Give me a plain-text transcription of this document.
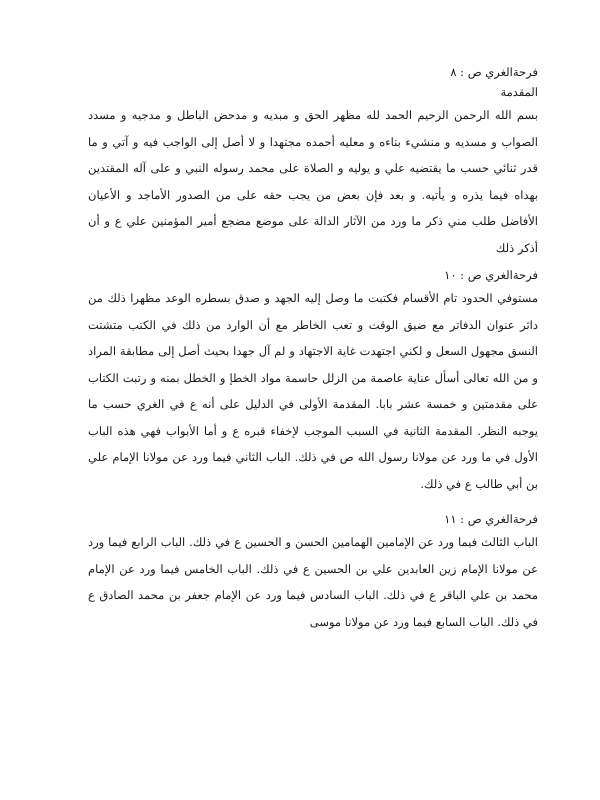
فرحة‌الغري ص : ٨

المقدمة

بسم الله الرحمن الرحيم الحمد لله مظهر الحق و مبديه و مدحض الباطل و مدجيه و مسدد الصواب و مسديه و منشيء بناءه و معليه أحمده مجتهدا و لا أصل إلى الواجب فيه و آتي و ما قدر ثنائي حسب ما يقتضيه علي و يوليه و الصلاة على محمد رسوله النبي و على آله المقتدين بهداه فيما يذره و يأتيه. و بعد فإن بعض من يجب حقه على من الصدور الأماجد و الأعيان الأفاضل طلب مني ذكر ما ورد من الآثار الدالة على موضع مضجع أمير المؤمنين علي ع و أن أذكر ذلك

فرحة‌الغري ص : ١٠

مستوفي الحدود تام الأقسام فكتبت ما وصل إليه الجهد و صدق بسطره الوعد مظهرا ذلك من داثر عنوان الدفاتر مع ضيق الوقت و تعب الخاطر مع أن الوارد من ذلك في الكتب متشتت النسق مجهول السعل و لكني اجتهدت غاية الاجتهاد و لم آل جهدا بحيث أصل إلى مطابقة المراد و من الله تعالى أسأل عناية عاصمة من الزلل حاسمة مواد الخطإ و الخطل بمنه و رتبت الكتاب على مقدمتين و خمسة عشر بابا. المقدمة الأولى في الدليل على أنه ع في الغري حسب ما يوجبه النظر. المقدمة الثانية في السبب الموجب لإخفاء قبره ع و أما الأبواب فهي هذه الباب الأول في ما ورد عن مولانا رسول الله ص في ذلك. الباب الثاني فيما ورد عن مولانا الإمام علي بن أبي طالب ع في ذلك.

فرحة‌الغري ص : ١١

الباب الثالث فيما ورد عن الإمامين الهمامين الحسن و الحسين ع في ذلك. الباب الرابع فيما ورد عن مولانا الإمام زين العابدين علي بن الحسين ع في ذلك. الباب الخامس فيما ورد عن الإمام محمد بن علي الباقر ع في ذلك. الباب السادس فيما ورد عن الإمام جعفر بن محمد الصادق ع في ذلك. الباب السابع فيما ورد عن مولانا موسى
